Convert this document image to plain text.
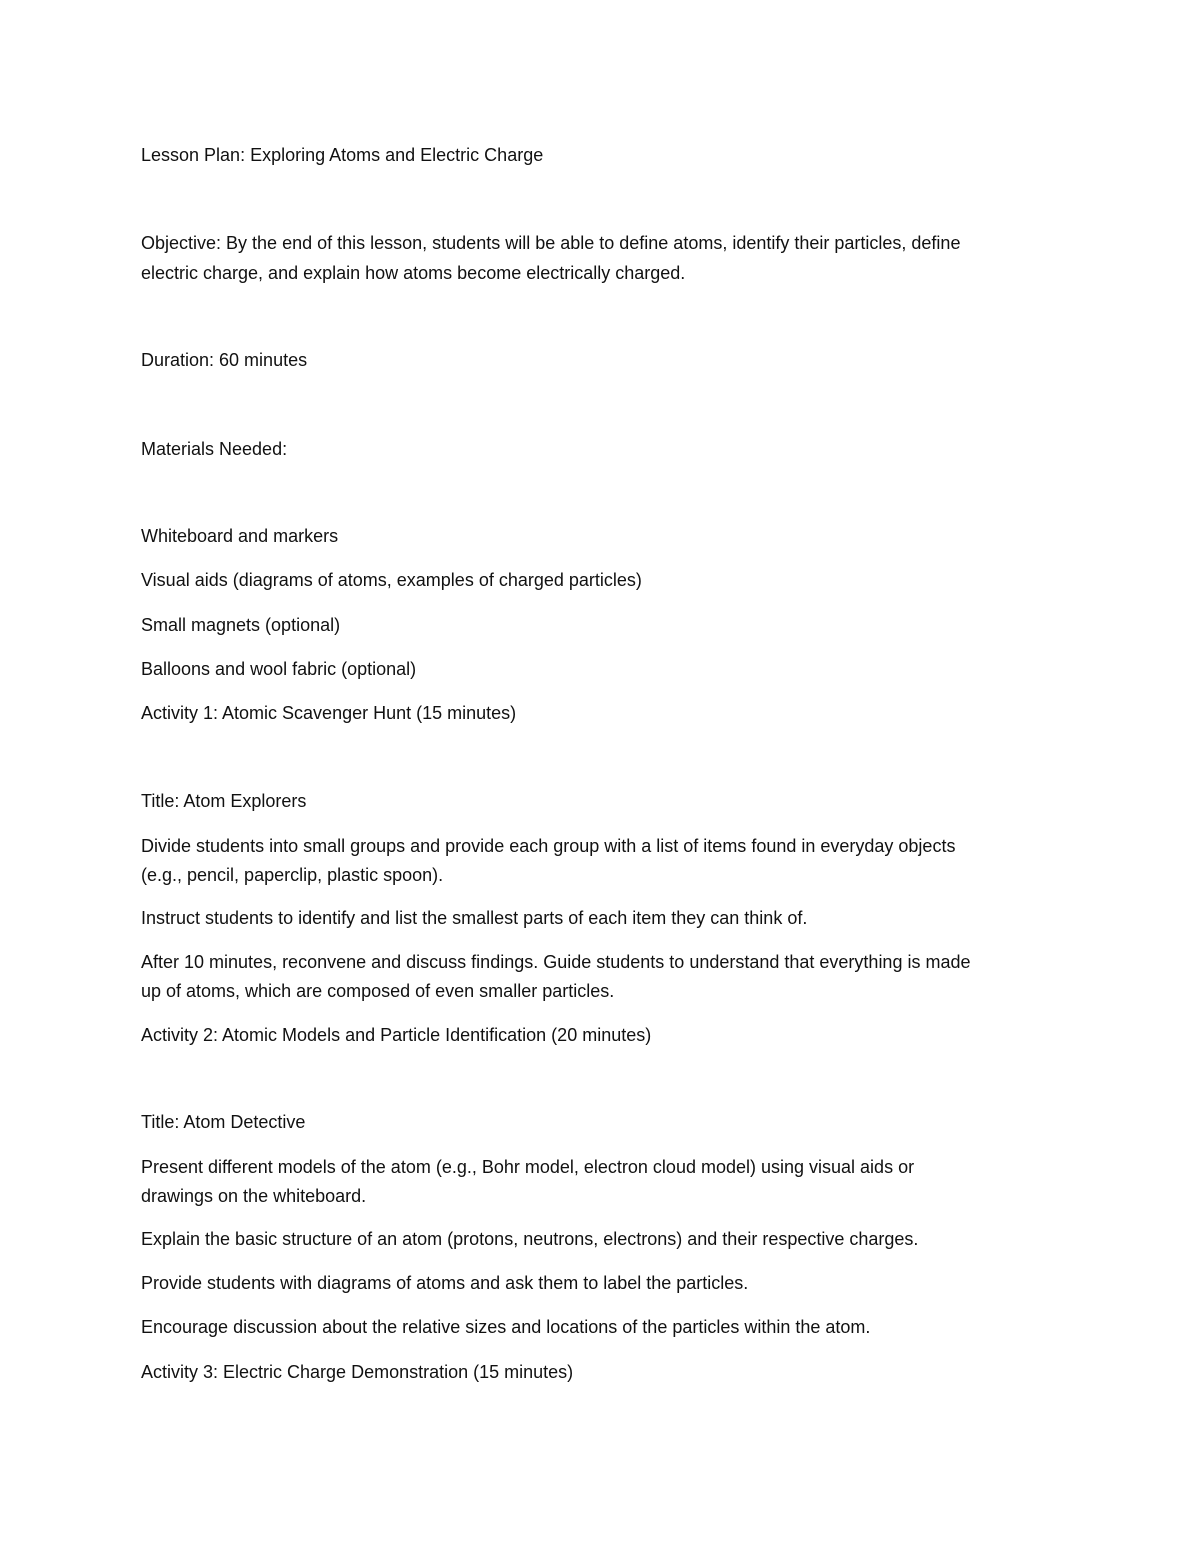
Lesson Plan: Exploring Atoms and Electric Charge
Objective: By the end of this lesson, students will be able to define atoms, identify their particles, define
electric charge, and explain how atoms become electrically charged.
Duration: 60 minutes
Materials Needed:
Whiteboard and markers
Visual aids (diagrams of atoms, examples of charged particles)
Small magnets (optional)
Balloons and wool fabric (optional)
Activity 1: Atomic Scavenger Hunt (15 minutes)
Title: Atom Explorers
Divide students into small groups and provide each group with a list of items found in everyday objects
(e.g., pencil, paperclip, plastic spoon).
Instruct students to identify and list the smallest parts of each item they can think of.
After 10 minutes, reconvene and discuss findings. Guide students to understand that everything is made
up of atoms, which are composed of even smaller particles.
Activity 2: Atomic Models and Particle Identification (20 minutes)
Title: Atom Detective
Present different models of the atom (e.g., Bohr model, electron cloud model) using visual aids or
drawings on the whiteboard.
Explain the basic structure of an atom (protons, neutrons, electrons) and their respective charges.
Provide students with diagrams of atoms and ask them to label the particles.
Encourage discussion about the relative sizes and locations of the particles within the atom.
Activity 3: Electric Charge Demonstration (15 minutes)
